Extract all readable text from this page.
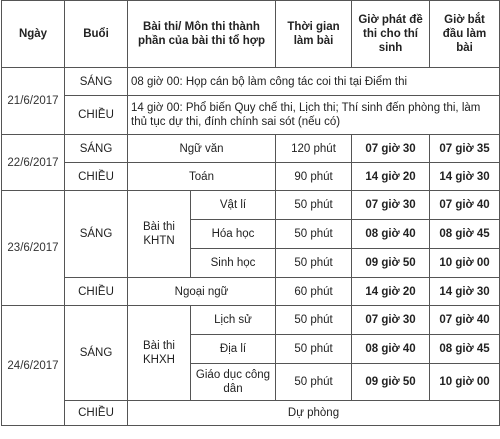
Ngày	Buổi	Bài thi/ Môn thi thành phần của bài thi tổ hợp		Thời gian làm bài	Giờ phát đề thi cho thí sinh	Giờ bắt đầu làm bài
21/6/2017	SÁNG	08 giờ 00: Họp cán bộ làm công tác coi thi tại Điểm thi				
	CHIỀU	14 giờ 00: Phổ biến Quy chế thi, Lịch thi; Thí sinh đến phòng thi, làm thủ tục dự thi, đính chính sai sót (nếu có)				
22/6/2017	SÁNG	Ngữ văn		120 phút	07 giờ 30	07 giờ 35
	CHIỀU	Toán		90 phút	14 giờ 20	14 giờ 30
23/6/2017	SÁNG	Bài thi KHTN	Vật lí	50 phút	07 giờ 30	07 giờ 40
			Hóa học	50 phút	08 giờ 40	08 giờ 45
			Sinh học	50 phút	09 giờ 50	10 giờ 00
	CHIỀU	Ngoại ngữ		60 phút	14 giờ 20	14 giờ 30
24/6/2017	SÁNG	Bài thi KHXH	Lịch sử	50 phút	07 giờ 30	07 giờ 40
			Địa lí	50 phút	08 giờ 40	08 giờ 45
			Giáo dục công dân	50 phút	09 giờ 50	10 giờ 00
	CHIỀU	Dự phòng				
